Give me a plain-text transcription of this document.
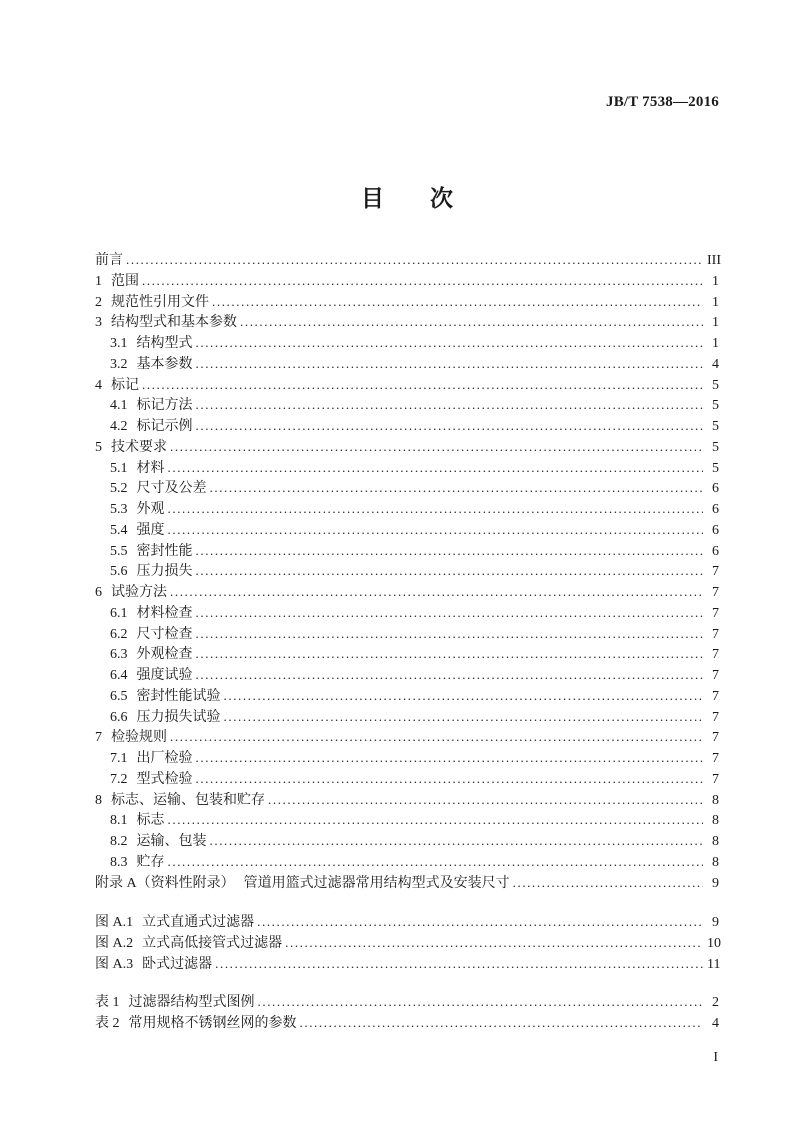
JB/T 7538—2016
目　　次
前言 .....	III
1 范围 .....	1
2 规范性引用文件 .....	1
3 结构型式和基本参数 .....	1
3.1 结构型式 .....	1
3.2 基本参数 .....	4
4 标记 .....	5
4.1 标记方法 .....	5
4.2 标记示例 .....	5
5 技术要求 .....	5
5.1 材料 .....	5
5.2 尺寸及公差 .....	6
5.3 外观 .....	6
5.4 强度 .....	6
5.5 密封性能 .....	6
5.6 压力损失 .....	7
6 试验方法 .....	7
6.1 材料检查 .....	7
6.2 尺寸检查 .....	7
6.3 外观检查 .....	7
6.4 强度试验 .....	7
6.5 密封性能试验 .....	7
6.6 压力损失试验 .....	7
7 检验规则 .....	7
7.1 出厂检验 .....	7
7.2 型式检验 .....	7
8 标志、运输、包装和贮存 .....	8
8.1 标志 .....	8
8.2 运输、包装 .....	8
8.3 贮存 .....	8
附录 A（资料性附录） 管道用篮式过滤器常用结构型式及安装尺寸 .....	9
图 A.1 立式直通式过滤器 .....	9
图 A.2 立式高低接管式过滤器 .....	10
图 A.3 卧式过滤器 .....	11
表 1 过滤器结构型式图例 .....	2
表 2 常用规格不锈钢丝网的参数 .....	4
I
